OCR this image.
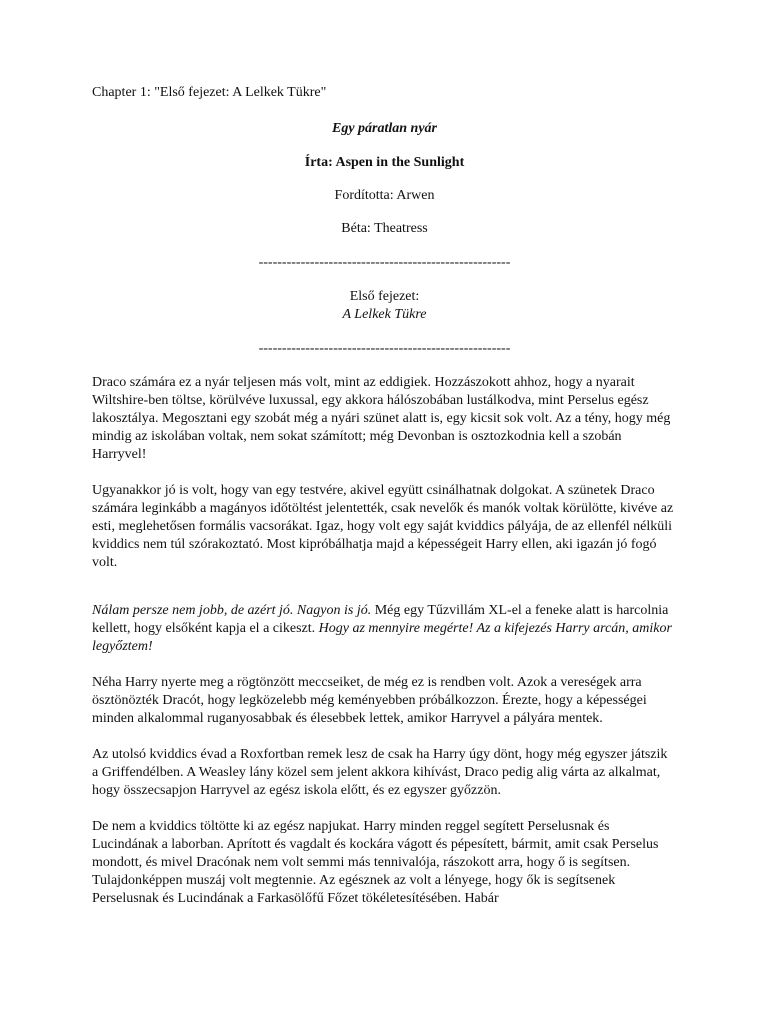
Chapter 1: "Első fejezet: A Lelkek Tükre"

Egy páratlan nyár

Írta: Aspen in the Sunlight

Fordította: Arwen

Béta: Theatress

------------------------------------------------------

Első fejezet:
A Lelkek Tükre

------------------------------------------------------

Draco számára ez a nyár teljesen más volt, mint az eddigiek. Hozzászokott ahhoz, hogy a nyarait Wiltshire-ben töltse, körülvéve luxussal, egy akkora hálószobában lustálkodva, mint Perselus egész lakosztálya. Megosztani egy szobát még a nyári szünet alatt is, egy kicsit sok volt. Az a tény, hogy még mindig az iskolában voltak, nem sokat számított; még Devonban is osztozkodnia kell a szobán Harryvel!

Ugyanakkor jó is volt, hogy van egy testvére, akivel együtt csinálhatnak dolgokat. A szünetek Draco számára leginkább a magányos időtöltést jelentették, csak nevelők és manók voltak körülötte, kivéve az esti, meglehetősen formális vacsorákat. Igaz, hogy volt egy saját kviddics pályája, de az ellenfél nélküli kviddics nem túl szórakoztató. Most kipróbálhatja majd a képességeit Harry ellen, aki igazán jó fogó volt.

Nálam persze nem jobb, de azért jó. Nagyon is jó. Még egy Tűzvillám XL-el a feneke alatt is harcolnia kellett, hogy elsőként kapja el a cikeszt. Hogy az mennyire megérte! Az a kifejezés Harry arcán, amikor legyőztem!

Néha Harry nyerte meg a rögtönzött meccseiket, de még ez is rendben volt. Azok a vereségek arra ösztönözték Dracót, hogy legközelebb még keményebben próbálkozzon. Érezte, hogy a képességei minden alkalommal ruganyosabbak és élesebbek lettek, amikor Harryvel a pályára mentek.

Az utolsó kviddics évad a Roxfortban remek lesz de csak ha Harry úgy dönt, hogy még egyszer játszik a Griffendélben. A Weasley lány közel sem jelent akkora kihívást, Draco pedig alig várta az alkalmat, hogy összecsapjon Harryvel az egész iskola előtt, és ez egyszer győzzön.

De nem a kviddics töltötte ki az egész napjukat. Harry minden reggel segített Perselusnak és Lucindának a laborban. Aprított és vagdalt és kockára vágott és pépesített, bármit, amit csak Perselus mondott, és mivel Dracónak nem volt semmi más tennivalója, rászokott arra, hogy ő is segítsen. Tulajdonképpen muszáj volt megtennie. Az egésznek az volt a lényege, hogy ők is segítsenek Perselusnak és Lucindának a Farkasölőfű Főzet tökéletesítésében. Habár
